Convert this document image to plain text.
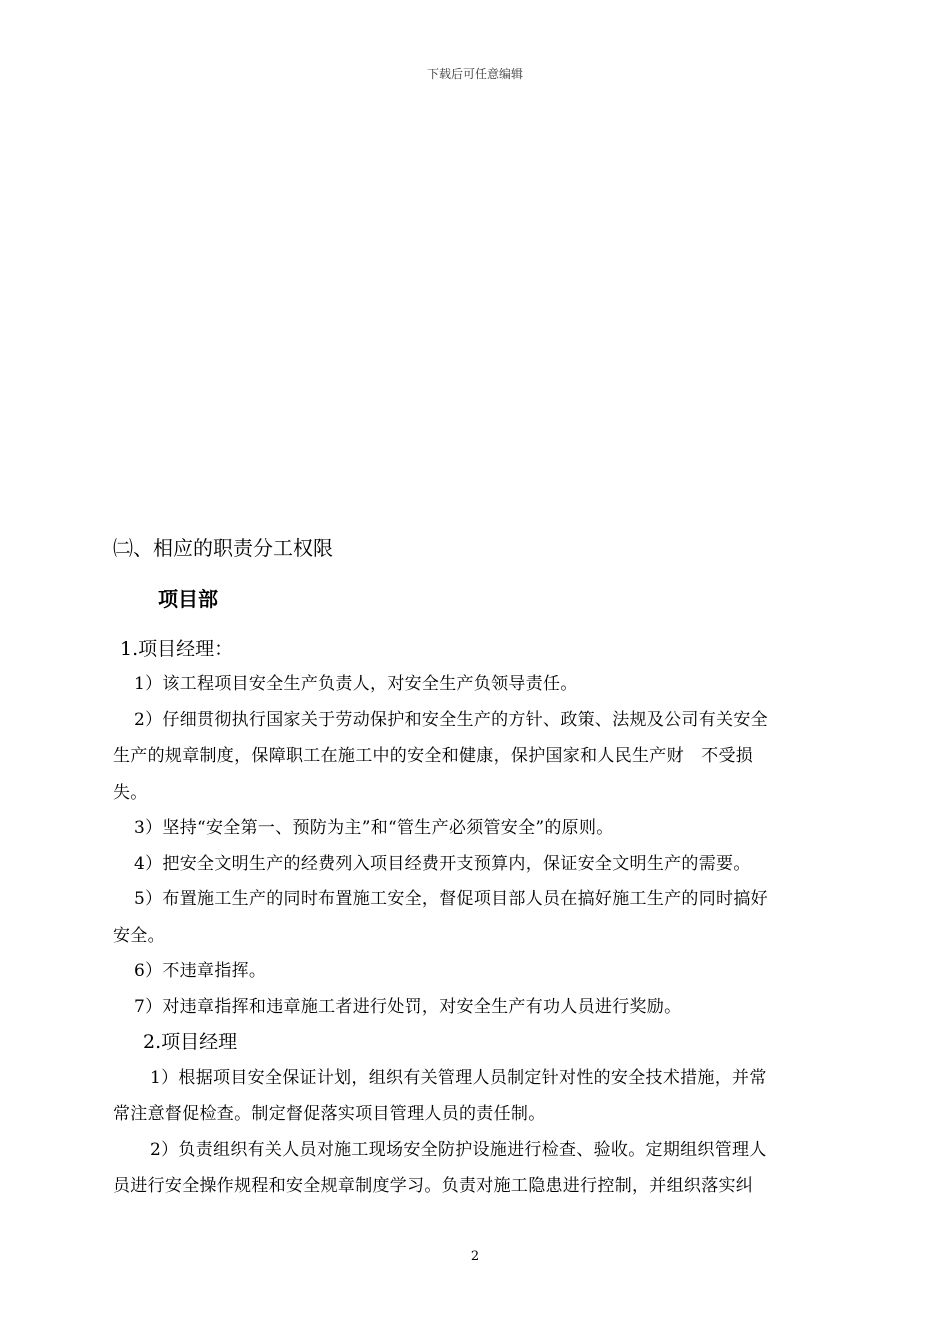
下载后可任意编辑
㈡、相应的职责分工权限
项目部
1.项目经理：
1）该工程项目安全生产负责人，对安全生产负领导责任。
2）仔细贯彻执行国家关于劳动保护和安全生产的方针、政策、法规及公司有关安全
生产的规章制度，保障职工在施工中的安全和健康，保护国家和人民生产财　不受损
失。
3）坚持“安全第一、预防为主”和“管生产必须管安全”的原则。
4）把安全文明生产的经费列入项目经费开支预算内，保证安全文明生产的需要。
5）布置施工生产的同时布置施工安全，督促项目部人员在搞好施工生产的同时搞好
安全。
6）不违章指挥。
7）对违章指挥和违章施工者进行处罚，对安全生产有功人员进行奖励。
2.项目经理
1）根据项目安全保证计划，组织有关管理人员制定针对性的安全技术措施，并常
常注意督促检查。制定督促落实项目管理人员的责任制。
2）负责组织有关人员对施工现场安全防护设施进行检查、验收。定期组织管理人
员进行安全操作规程和安全规章制度学习。负责对施工隐患进行控制，并组织落实纠
2
